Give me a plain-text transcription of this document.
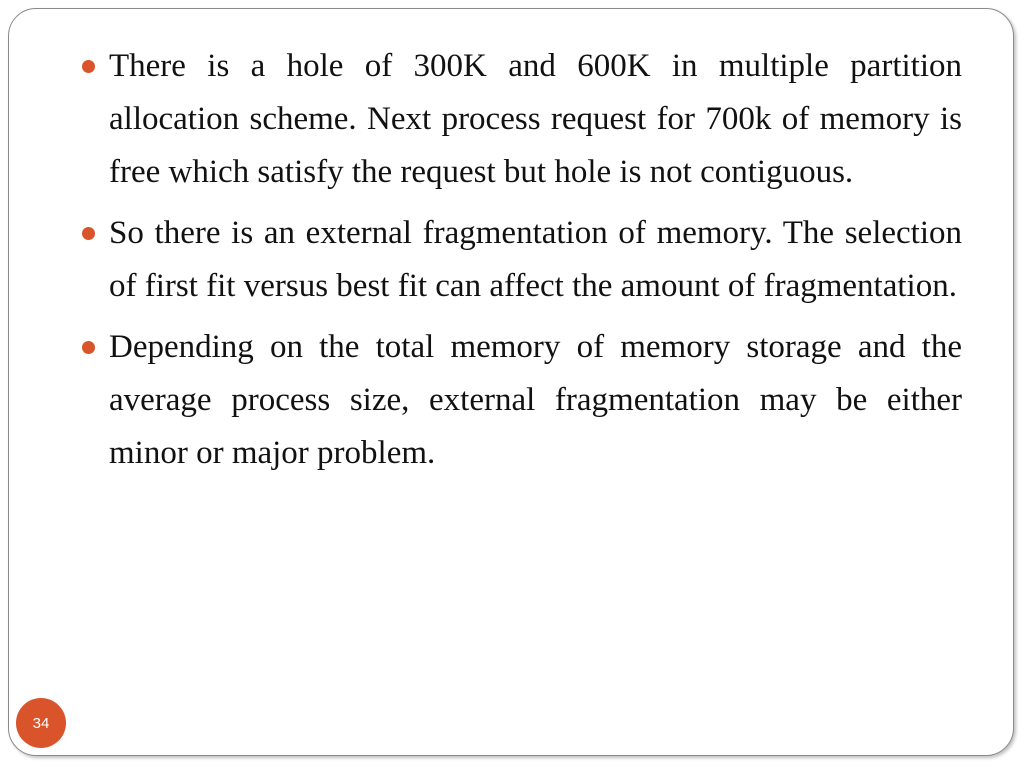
There is a hole of 300K and 600K in multiple partition allocation scheme. Next process request for 700k of memory is free which satisfy the request but hole is not contiguous.
So there is an external fragmentation of memory. The selection of first fit versus best fit can affect the amount of fragmentation.
Depending on the total memory of memory storage and the average process size, external fragmentation may be either minor or major problem.
34
